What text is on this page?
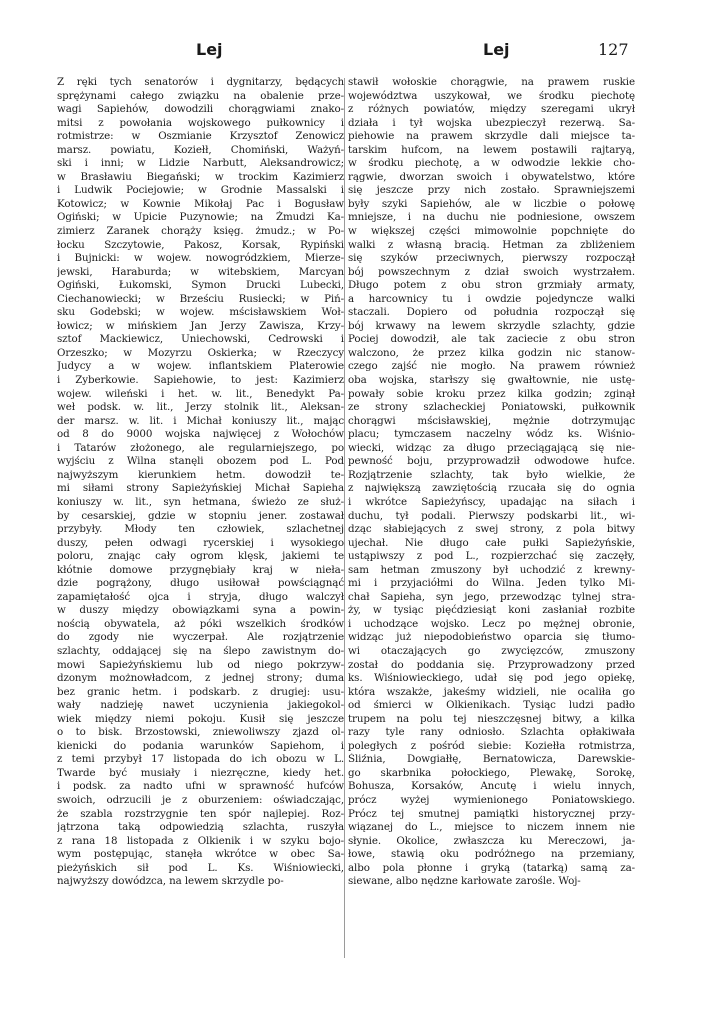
Lej	Lej	127
Z ręki tych senatorów i dygnitarzy, będących
sprężynami całego związku na obalenie prze-
wagi Sapiehów, dowodzili chorągwiami znako-
mitsi z powołania wojskowego pułkownicy i
rotmistrze: w Oszmianie Krzysztof Zenowicz
marsz. powiatu, Koziełł, Chomiński, Ważyń-
ski i inni; w Lidzie Narbutt, Aleksandrowicz;
w Brasławiu Biegański; w trockim Kazimierz
i Ludwik Pociejowie; w Grodnie Massalski i
Kotowicz; w Kownie Mikołaj Pac i Bogusław
Ogiński; w Upicie Puzynowie; na Żmudzi Ka-
zimierz Zaranek chorąży księg. żmudz.; w Po-
łocku Szczytowie, Pakosz, Korsak, Rypiński
i Bujnicki: w wojew. nowogródzkiem, Mierze-
jewski, Haraburda; w witebskiem, Marcyan
Ogiński, Łukomski, Symon Drucki Lubecki,
Ciechanowiecki; w Brześciu Rusiecki; w Piń-
sku Godebski; w wojew. mścisławskiem Woł-
łowicz; w mińskiem Jan Jerzy Zawisza, Krzy-
sztof Mackiewicz, Uniechowski, Cedrowski i
Orzeszko; w Mozyrzu Oskierka; w Rzeczycy
Judycy a w wojew. inflantskiem Platerowie
i Zyberkowie. Sapiehowie, to jest: Kazimierz
wojew. wileński i het. w. lit., Benedykt Pa-
weł podsk. w. lit., Jerzy stolnik lit., Aleksan-
der marsz. w. lit. i Michał koniuszy lit., mając
od 8 do 9000 wojska najwięcej z Wołochów
i Tatarów złożonego, ale regularniejszego, po
wyjściu z Wilna stanęli obozem pod L. Pod
najwyższym kierunkiem hetm. dowodził te-
mi siłami strony Sapieżyńskiej Michał Sapieha
koniuszy w. lit., syn hetmana, świeżo ze służ-
by cesarskiej, gdzie w stopniu jener. zostawał
przybyły. Młody ten człowiek, szlachetnej
duszy, pełen odwagi rycerskiej i wysokiego
poloru, znając cały ogrom klęsk, jakiemi te
kłótnie domowe przygnębiały kraj w nieła-
dzie pogrążony, długo usiłował powściągnąć
zapamiętałość ojca i stryja, długo walczył
w duszy między obowiązkami syna a powin-
nością obywatela, aż póki wszelkich środków
do zgody nie wyczerpał. Ale rozjątrzenie
szlachty, oddającej się na ślepo zawistnym do-
mowi Sapieżyńskiemu lub od niego pokrzyw-
dzonym możnowładcom, z jednej strony; duma
bez granic hetm. i podskarb. z drugiej: usu-
wały nadzieję nawet uczynienia jakiegokol-
wiek między niemi pokoju. Kusił się jeszcze
o to bisk. Brzostowski, zniewoliwszy zjazd ol-
kienicki do podania warunków Sapiehom, i
z temi przybył 17 listopada do ich obozu w L.
Twarde być musiały i niezręczne, kiedy het.
i podsk. za nadto ufni w sprawność hufców
swoich, odrzucili je z oburzeniem: oświadczając,
że szabla rozstrzygnie ten spór najlepiej. Roz-
jątrzona taką odpowiedzią szlachta, ruszyła
z rana 18 listopada z Olkienik i w szyku bojo-
wym postępując, stanęła wkrótce w obec Sa-
pieżyńskich sił pod L. Ks. Wiśniowiecki,
najwyższy dowódzca, na lewem skrzydle po-
stawił wołoskie chorągwie, na prawem ruskie
województwa uszykował, we środku piechotę
z różnych powiatów, między szeregami ukrył
działa i tył wojska ubezpieczył rezerwą. Sa-
piehowie na prawem skrzydle dali miejsce ta-
tarskim hufcom, na lewem postawili rajtaryą,
w środku piechotę, a w odwodzie lekkie cho-
rągwie, dworzan swoich i obywatelstwo, które
się jeszcze przy nich zostało. Sprawniejszemi
były szyki Sapiehów, ale w liczbie o połowę
mniejsze, i na duchu nie podniesione, owszem
w większej części mimowolnie popchnięte do
walki z własną bracią. Hetman za zbliżeniem
się szyków przeciwnych, pierwszy rozpoczął
bój powszechnym z dział swoich wystrzałem.
Długo potem z obu stron grzmiały armaty,
a harcownicy tu i owdzie pojedyncze walki
staczali. Dopiero od południa rozpoczął się
bój krwawy na lewem skrzydle szlachty, gdzie
Pociej dowodził, ale tak zaciecie z obu stron
walczono, że przez kilka godzin nic stanow-
czego zajść nie mogło. Na prawem również
oba wojska, starłszy się gwałtownie, nie ustę-
powały sobie kroku przez kilka godzin; zginął
ze strony szlacheckiej Poniatowski, pułkownik
chorągwi mścisławskiej, mężnie dotrzymując
placu; tymczasem naczelny wódz ks. Wiśnio-
wiecki, widząc za długo przeciągającą się nie-
pewność boju, przyprowadził odwodowe hufce.
Rozjątrzenie szlachty, tak było wielkie, że
z największą zawziętością rzucała się do ognia
i wkrótce Sapieżyńscy, upadając na siłach i
duchu, tył podali. Pierwszy podskarbi lit., wi-
dząc słabiejących z swej strony, z pola bitwy
ujechał. Nie długo całe pułki Sapieżyńskie,
ustąpiwszy z pod L., rozpierzchać się zaczęły,
sam hetman zmuszony był uchodzić z krewny-
mi i przyjaciółmi do Wilna. Jeden tylko Mi-
chał Sapieha, syn jego, przewodząc tylnej stra-
ży, w tysiąc pięćdziesiąt koni zasłaniał rozbite
i uchodzące wojsko. Lecz po mężnej obronie,
widząc już niepodobieństwo oparcia się tłumo-
wi otaczających go zwycięzców, zmuszony
został do poddania się. Przyprowadzony przed
ks. Wiśniowieckiego, udał się pod jego opiekę,
która wszakże, jakeśmy widzieli, nie ocaliła go
od śmierci w Olkienikach. Tysiąc ludzi padło
trupem na polu tej nieszczęsnej bitwy, a kilka
razy tyle rany odniosło. Szlachta opłakiwała
poległych z pośród siebie: Koziełła rotmistrza,
Śliźnia, Dowgiałłę, Bernatowicza, Darewskie-
go skarbnika połockiego, Plewakę, Sorokę,
Bohusza, Korsaków, Ancutę i wielu innych,
prócz wyżej wymienionego Poniatowskiego.
Prócz tej smutnej pamiątki historycznej przy-
wiązanej do L., miejsce to niczem innem nie
słynie. Okolice, zwłaszcza ku Mereczowi, ja-
łowe, stawią oku podróżnego na przemiany,
albo pola płonne i gryką (tatarką) samą za-
siewane, albo nędzne karłowate zarośle. Woj-
